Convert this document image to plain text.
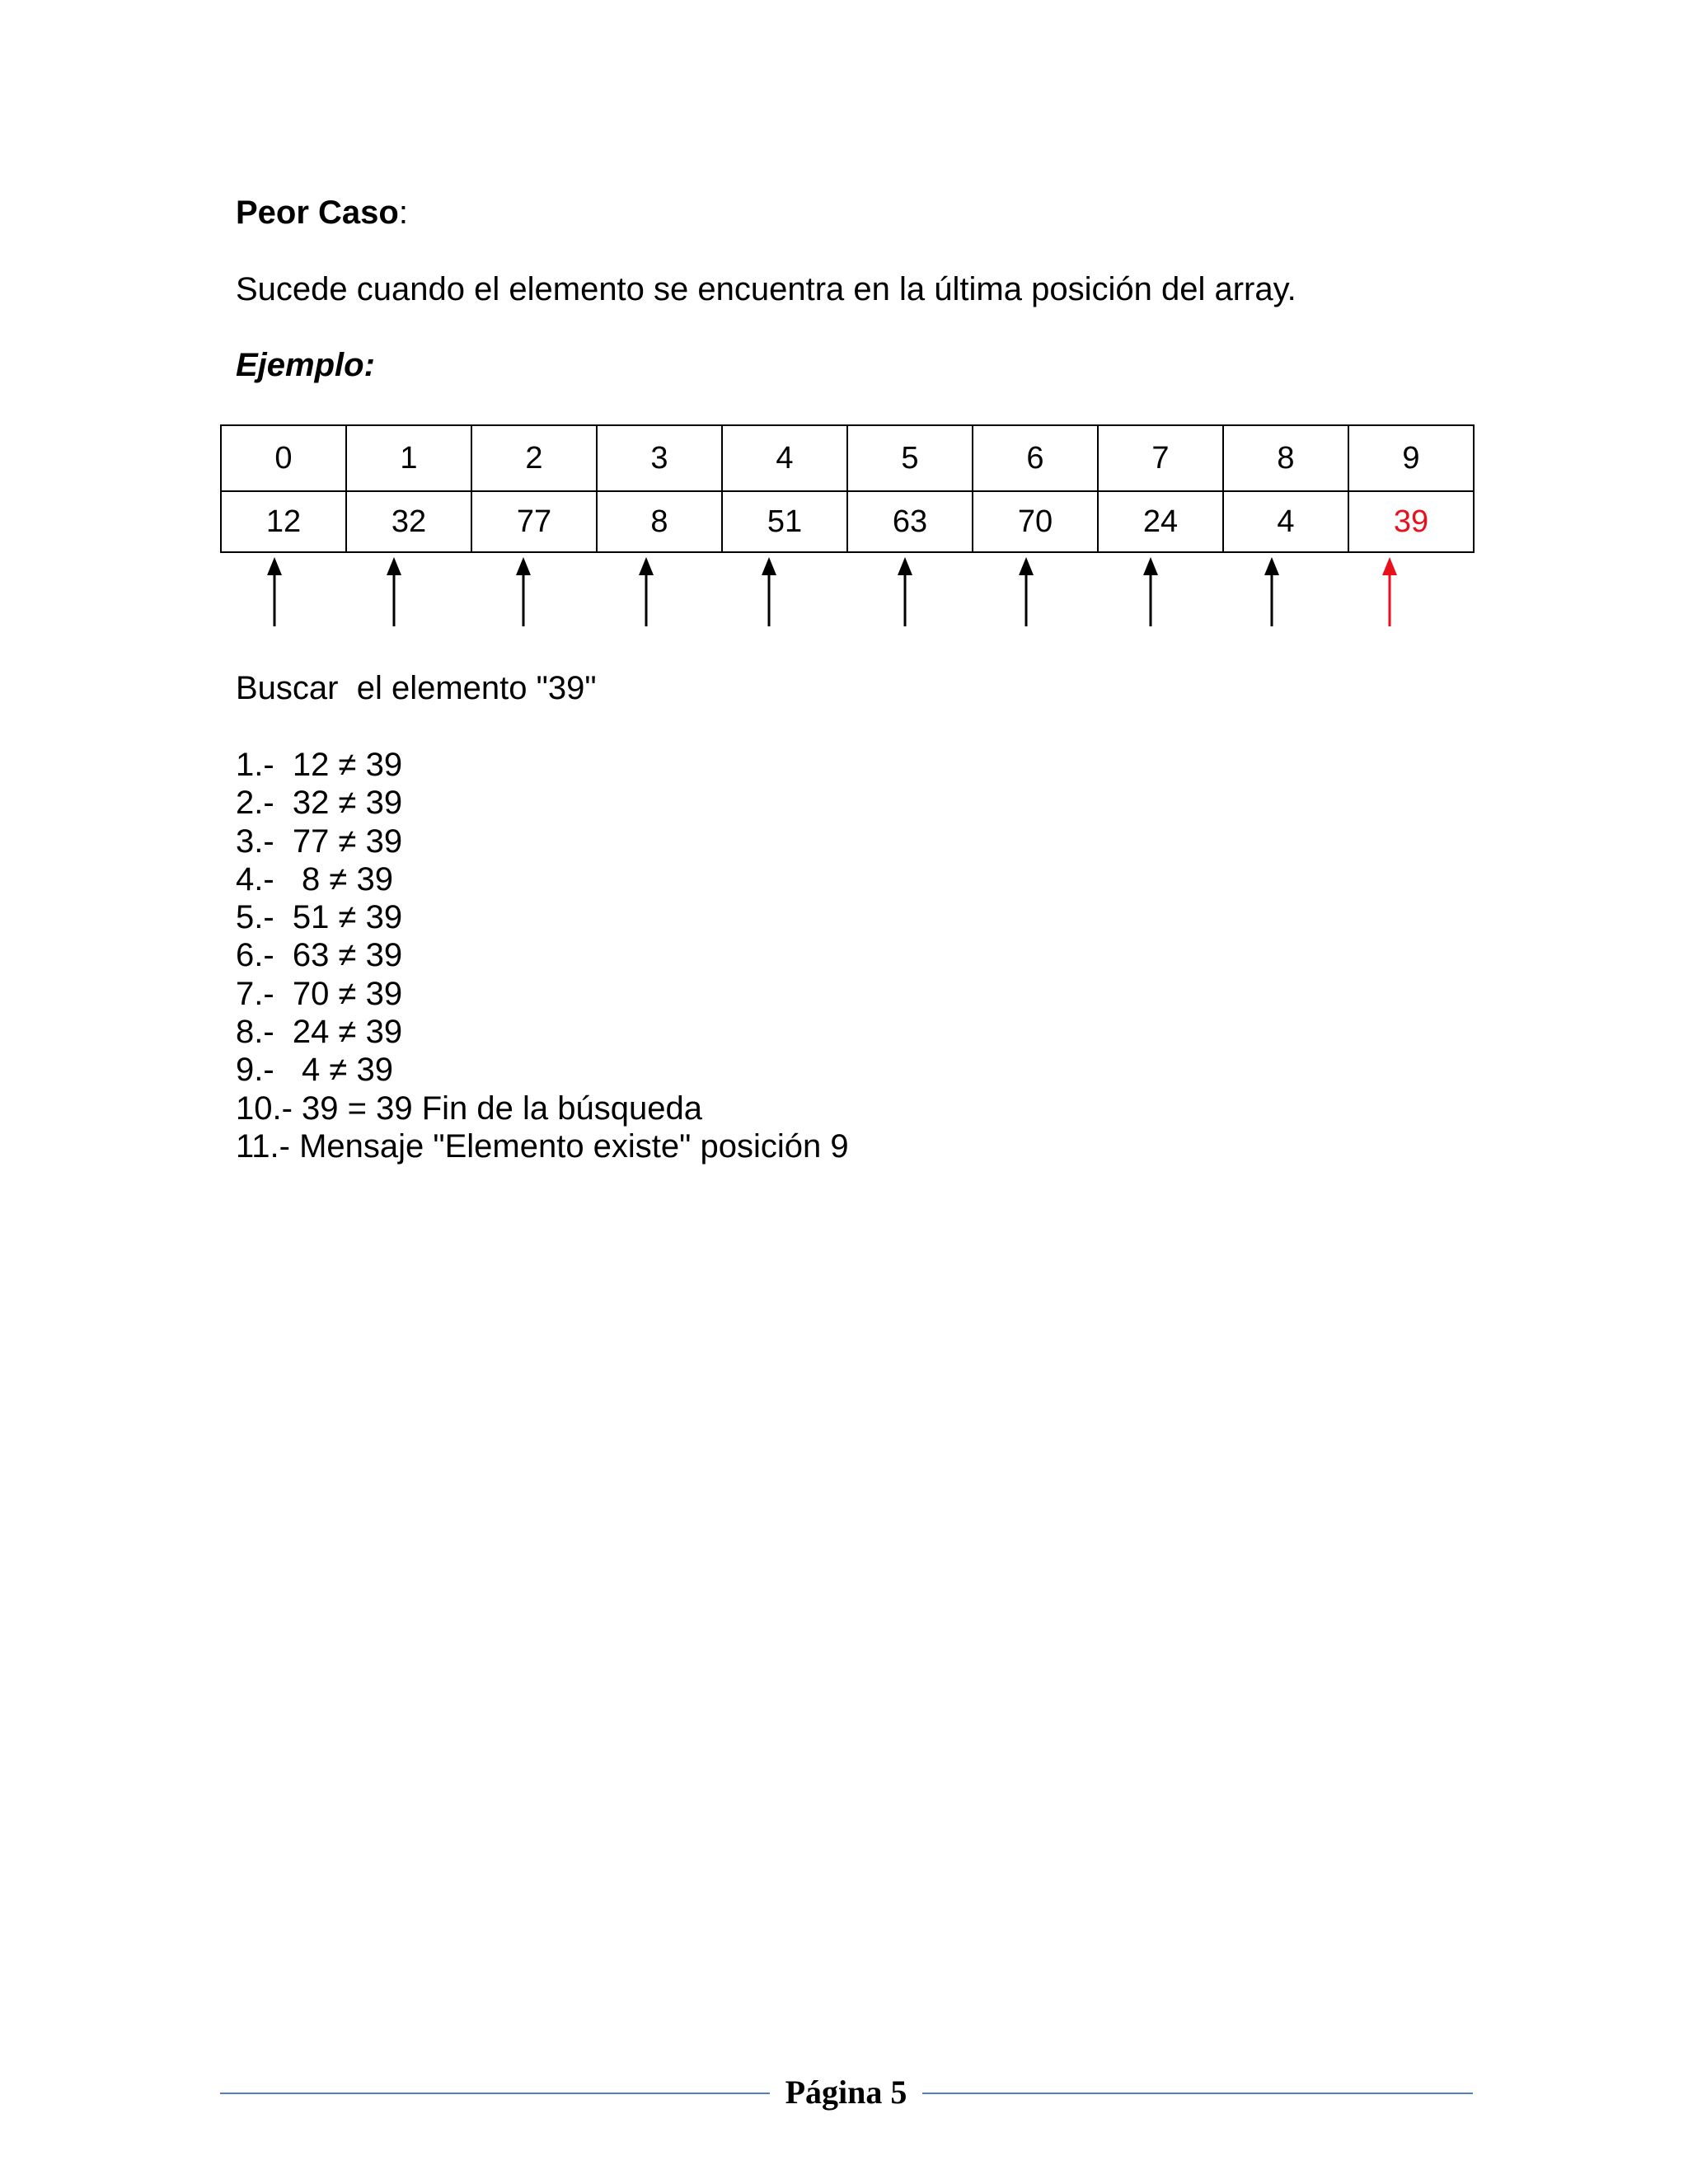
Peor Caso:
Sucede cuando el elemento se encuentra en la última posición del array.
Ejemplo:
0	1	2	3	4	5	6	7	8	9
12	32	77	8	51	63	70	24	4	39
Buscar  el elemento "39"
1.-  12 ≠ 39
2.-  32 ≠ 39
3.-  77 ≠ 39
4.-   8 ≠ 39
5.-  51 ≠ 39
6.-  63 ≠ 39
7.-  70 ≠ 39
8.-  24 ≠ 39
9.-   4 ≠ 39
10.- 39 = 39 Fin de la búsqueda
11.- Mensaje "Elemento existe" posición 9
Página 5
